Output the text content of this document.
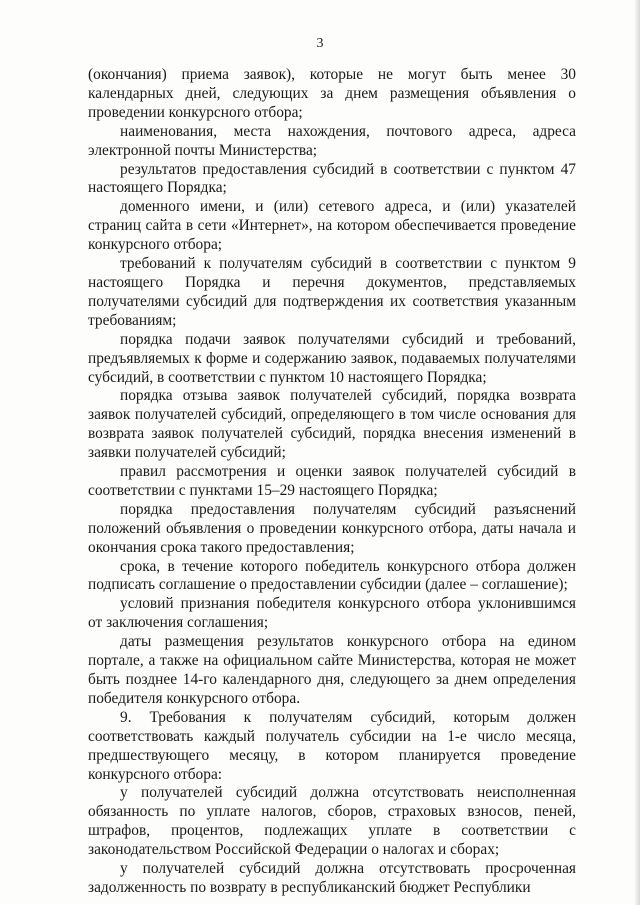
3

(окончания) приема заявок), которые не могут быть менее 30 календарных дней, следующих за днем размещения объявления о проведении конкурсного отбора;

наименования, места нахождения, почтового адреса, адреса электронной почты Министерства;

результатов предоставления субсидий в соответствии с пунктом 47 настоящего Порядка;

доменного имени, и (или) сетевого адреса, и (или) указателей страниц сайта в сети «Интернет», на котором обеспечивается проведение конкурсного отбора;

требований к получателям субсидий в соответствии с пунктом 9 настоящего Порядка и перечня документов, представляемых получателями субсидий для подтверждения их соответствия указанным требованиям;

порядка подачи заявок получателями субсидий и требований, предъявляемых к форме и содержанию заявок, подаваемых получателями субсидий, в соответствии с пунктом 10 настоящего Порядка;

порядка отзыва заявок получателей субсидий, порядка возврата заявок получателей субсидий, определяющего в том числе основания для возврата заявок получателей субсидий, порядка внесения изменений в заявки получателей субсидий;

правил рассмотрения и оценки заявок получателей субсидий в соответствии с пунктами 15–29 настоящего Порядка;

порядка предоставления получателям субсидий разъяснений положений объявления о проведении конкурсного отбора, даты начала и окончания срока такого предоставления;

срока, в течение которого победитель конкурсного отбора должен подписать соглашение о предоставлении субсидии (далее – соглашение);

условий признания победителя конкурсного отбора уклонившимся от заключения соглашения;

даты размещения результатов конкурсного отбора на едином портале, а также на официальном сайте Министерства, которая не может быть позднее 14-го календарного дня, следующего за днем определения победителя конкурсного отбора.

9. Требования к получателям субсидий, которым должен соответствовать каждый получатель субсидии на 1-е число месяца, предшествующего месяцу, в котором планируется проведение конкурсного отбора:

у получателей субсидий должна отсутствовать неисполненная обязанность по уплате налогов, сборов, страховых взносов, пеней, штрафов, процентов, подлежащих уплате в соответствии с законодательством Российской Федерации о налогах и сборах;

у получателей субсидий должна отсутствовать просроченная задолженность по возврату в республиканский бюджет Республики
